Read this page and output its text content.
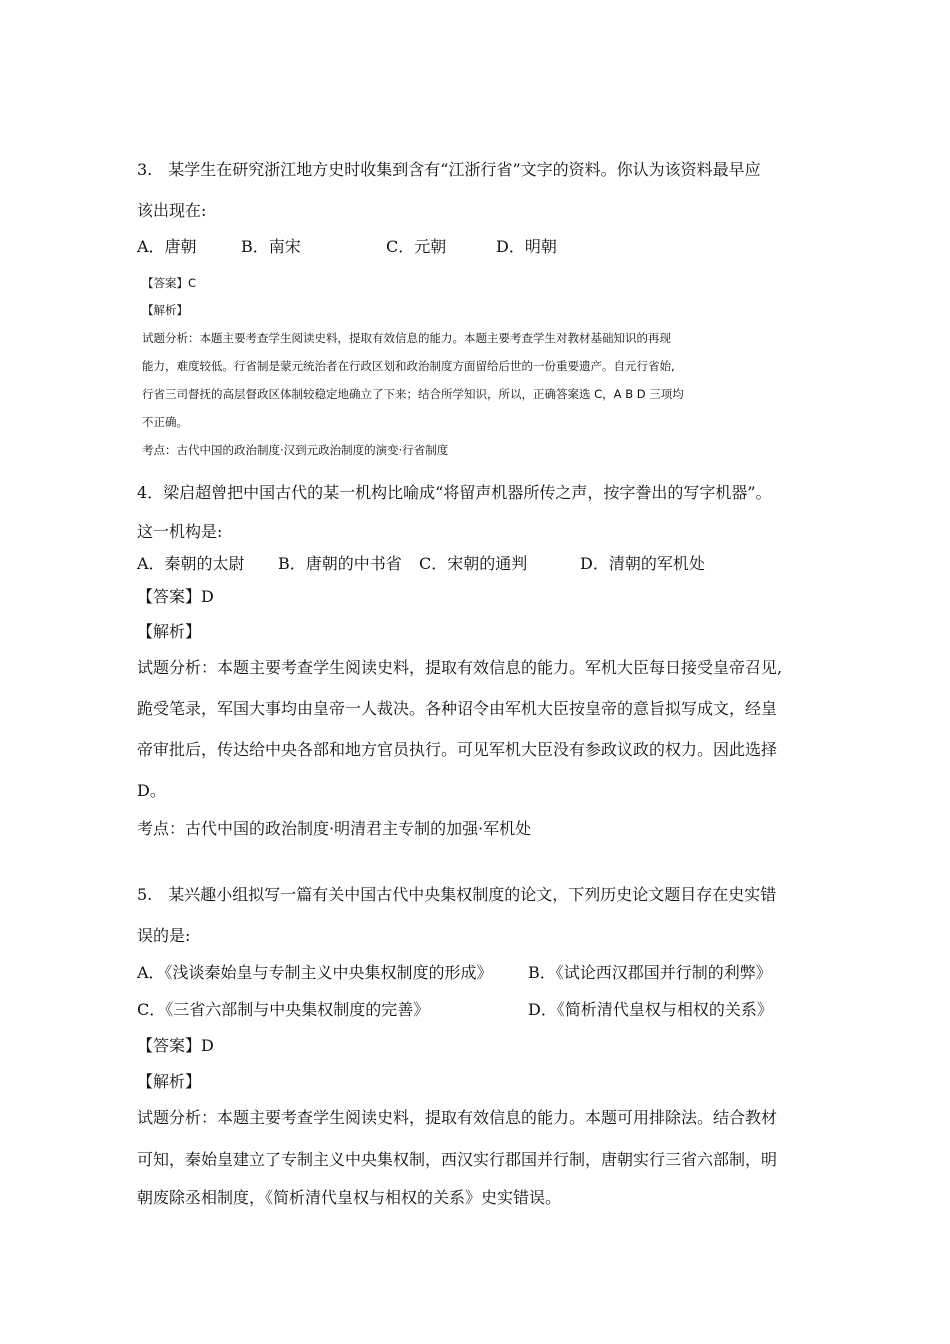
3.　某学生在研究浙江地方史时收集到含有“江浙行省”文字的资料。你认为该资料最早应
该出现在:
A．唐朝	B．南宋	C．元朝	D．明朝
【答案】C
【解析】
试题分析：本题主要考查学生阅读史料，提取有效信息的能力。本题主要考查学生对教材基础知识的再现
能力，难度较低。行省制是蒙元统治者在行政区划和政治制度方面留给后世的一份重要遗产。自元行省始,
行省三司督抚的高层督政区体制较稳定地确立了下来；结合所学知识，所以，正确答案选 C，A B D 三项均
不正确。
考点：古代中国的政治制度·汉到元政治制度的演变·行省制度
4．梁启超曾把中国古代的某一机构比喻成“将留声机器所传之声，按字誊出的写字机器”。
这一机构是:
A．秦朝的太尉 B．唐朝的中书省 C．宋朝的通判	D．清朝的军机处
【答案】D
【解析】
试题分析：本题主要考查学生阅读史料，提取有效信息的能力。军机大臣每日接受皇帝召见,
跪受笔录，军国大事均由皇帝一人裁决。各种诏令由军机大臣按皇帝的意旨拟写成文，经皇
帝审批后，传达给中央各部和地方官员执行。可见军机大臣没有参政议政的权力。因此选择
D。
考点：古代中国的政治制度·明清君主专制的加强·军机处
5.　某兴趣小组拟写一篇有关中国古代中央集权制度的论文，下列历史论文题目存在史实错
误的是:
A．《浅谈秦始皇与专制主义中央集权制度的形成》 B．《试论西汉郡国并行制的利弊》
C．《三省六部制与中央集权制度的完善》	D．《简析清代皇权与相权的关系》
【答案】D
【解析】
试题分析：本题主要考查学生阅读史料，提取有效信息的能力。本题可用排除法。结合教材
可知，秦始皇建立了专制主义中央集权制，西汉实行郡国并行制，唐朝实行三省六部制，明
朝废除丞相制度，《简析清代皇权与相权的关系》史实错误。
